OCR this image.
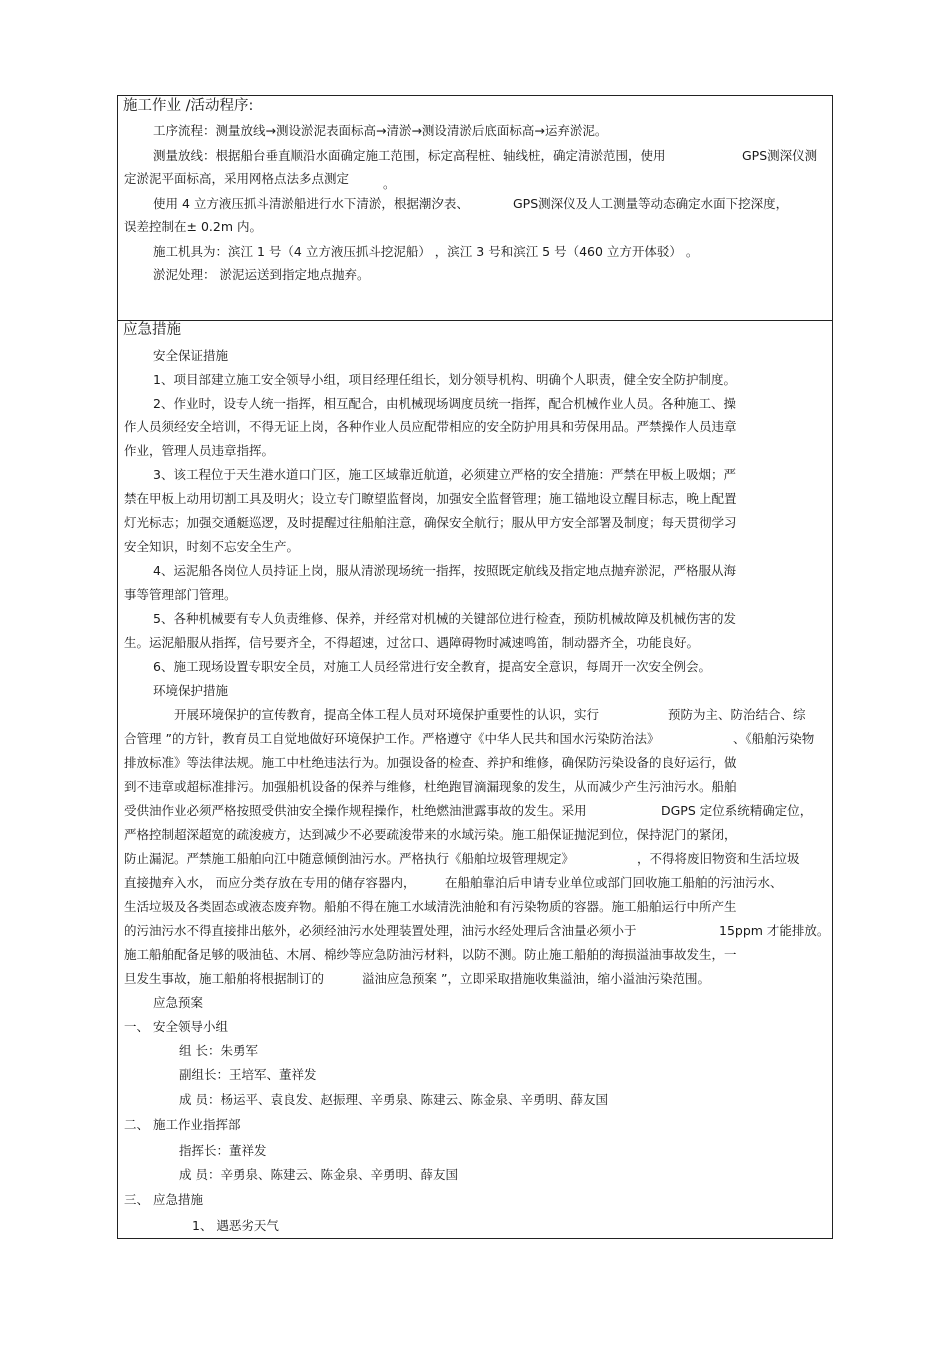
施工作业 /活动程序:
工序流程：测量放线→测设淤泥表面标高→清淤→测设清淤后底面标高→运弃淤泥。
测量放线：根据船台垂直顺沿水面确定施工范围，标定高程桩、轴线桩，确定清淤范围，使用	GPS测深仪测
定淤泥平面标高，采用网格点法多点测定	。
使用 4 立方液压抓斗清淤船进行水下清淤，根据潮汐表、	GPS测深仪及人工测量等动态确定水面下挖深度，
误差控制在± 0.2m 内。
施工机具为：滨江 1 号（4 立方液压抓斗挖泥船） ，滨江 3 号和滨江 5 号（460 立方开体驳） 。
淤泥处理： 淤泥运送到指定地点抛弃。
应急措施
安全保证措施
1、项目部建立施工安全领导小组，项目经理任组长，划分领导机构、明确个人职责，健全安全防护制度。
2、作业时，设专人统一指挥，相互配合，由机械现场调度员统一指挥，配合机械作业人员。各种施工、操
作人员须经安全培训，不得无证上岗，各种作业人员应配带相应的安全防护用具和劳保用品。严禁操作人员违章
作业，管理人员违章指挥。
3、该工程位于天生港水道口门区，施工区域靠近航道，必须建立严格的安全措施：严禁在甲板上吸烟；严
禁在甲板上动用切割工具及明火；设立专门瞭望监督岗，加强安全监督管理；施工锚地设立醒目标志，晚上配置
灯光标志；加强交通艇巡逻，及时提醒过往船舶注意，确保安全航行；服从甲方安全部署及制度；每天贯彻学习
安全知识，时刻不忘安全生产。
4、运泥船各岗位人员持证上岗，服从清淤现场统一指挥，按照既定航线及指定地点抛弃淤泥，严格服从海
事等管理部门管理。
5、各种机械要有专人负责维修、保养，并经常对机械的关键部位进行检查，预防机械故障及机械伤害的发
生。运泥船服从指挥，信号要齐全，不得超速，过岔口、遇障碍物时减速鸣笛，制动器齐全，功能良好。
6、施工现场设置专职安全员，对施工人员经常进行安全教育，提高安全意识，每周开一次安全例会。
环境保护措施
开展环境保护的宣传教育，提高全体工程人员对环境保护重要性的认识，实行	预防为主、防治结合、综
合管理 ”的方针，教育员工自觉地做好环境保护工作。严格遵守《中华人民共和国水污染防治法》	、《船舶污染物
排放标准》等法律法规。施工中杜绝违法行为。加强设备的检查、养护和维修，确保防污染设备的良好运行，做
到不违章或超标准排污。加强船机设备的保养与维修，杜绝跑冒滴漏现象的发生，从而减少产生污油污水。船舶
受供油作业必须严格按照受供油安全操作规程操作，杜绝燃油泄露事故的发生。采用	DGPS 定位系统精确定位，
严格控制超深超宽的疏浚疲方，达到减少不必要疏浚带来的水域污染。施工船保证抛泥到位，保持泥门的紧闭，
防止漏泥。严禁施工船舶向江中随意倾倒油污水。严格执行《船舶垃圾管理规定》	，不得将废旧物资和生活垃圾
直接抛弃入水， 而应分类存放在专用的储存容器内， 在船舶靠泊后申请专业单位或部门回收施工船舶的污油污水、
生活垃圾及各类固态或液态废弃物。船舶不得在施工水域清洗油舱和有污染物质的容器。施工船舶运行中所产生
的污油污水不得直接排出舷外，必须经油污水处理装置处理，油污水经处理后含油量必须小于	15ppm 才能排放。
施工船舶配备足够的吸油毡、木屑、棉纱等应急防油污材料，以防不测。防止施工船舶的海损溢油事故发生，一
旦发生事故，施工船舶将根据制订的	溢油应急预案 ”，立即采取措施收集溢油，缩小溢油污染范围。
应急预案
一、 安全领导小组
组 长：朱勇军
副组长：王培军、董祥发
成 员：杨运平、袁良发、赵振理、辛勇泉、陈建云、陈金泉、辛勇明、薛友国
二、 施工作业指挥部
指挥长：董祥发
成 员：辛勇泉、陈建云、陈金泉、辛勇明、薛友国
三、 应急措施
1、 遇恶劣天气
